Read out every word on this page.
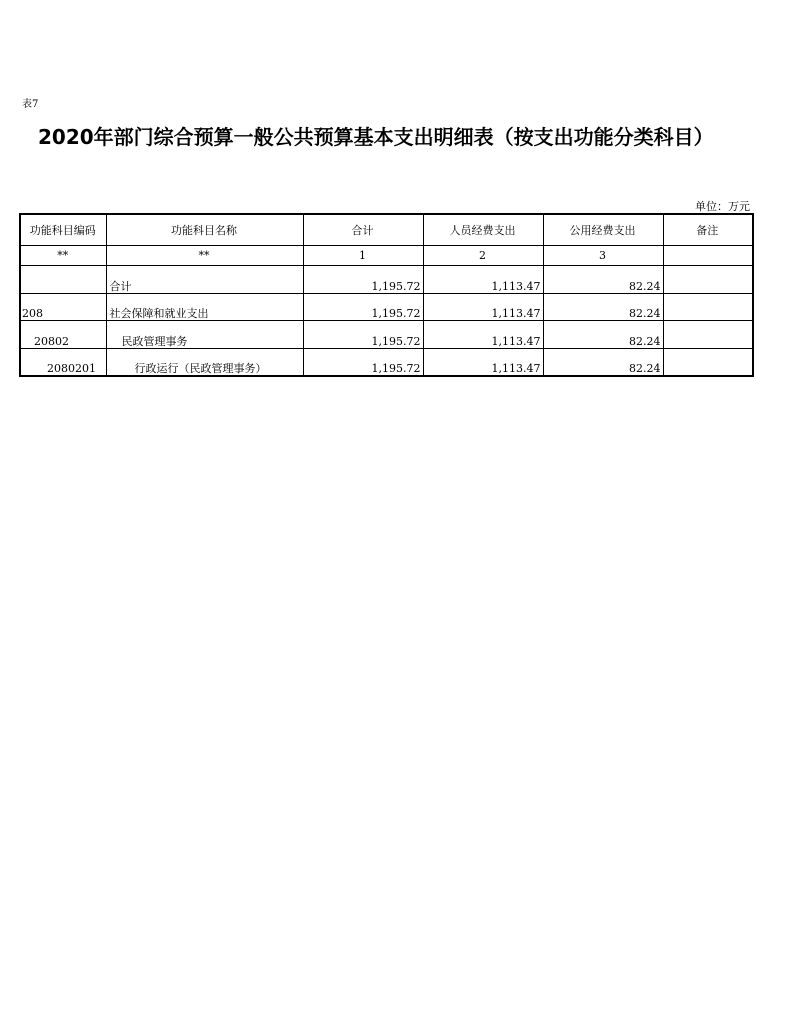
表7
2020年部门综合预算一般公共预算基本支出明细表（按支出功能分类科目）
单位：万元
功能科目编码	功能科目名称	合计	人员经费支出	公用经费支出	备注
**	**	1	2	3	
	合计	1,195.72	1,113.47	82.24	
208	社会保障和就业支出	1,195.72	1,113.47	82.24	
20802	民政管理事务	1,195.72	1,113.47	82.24	
2080201	行政运行（民政管理事务）	1,195.72	1,113.47	82.24	
